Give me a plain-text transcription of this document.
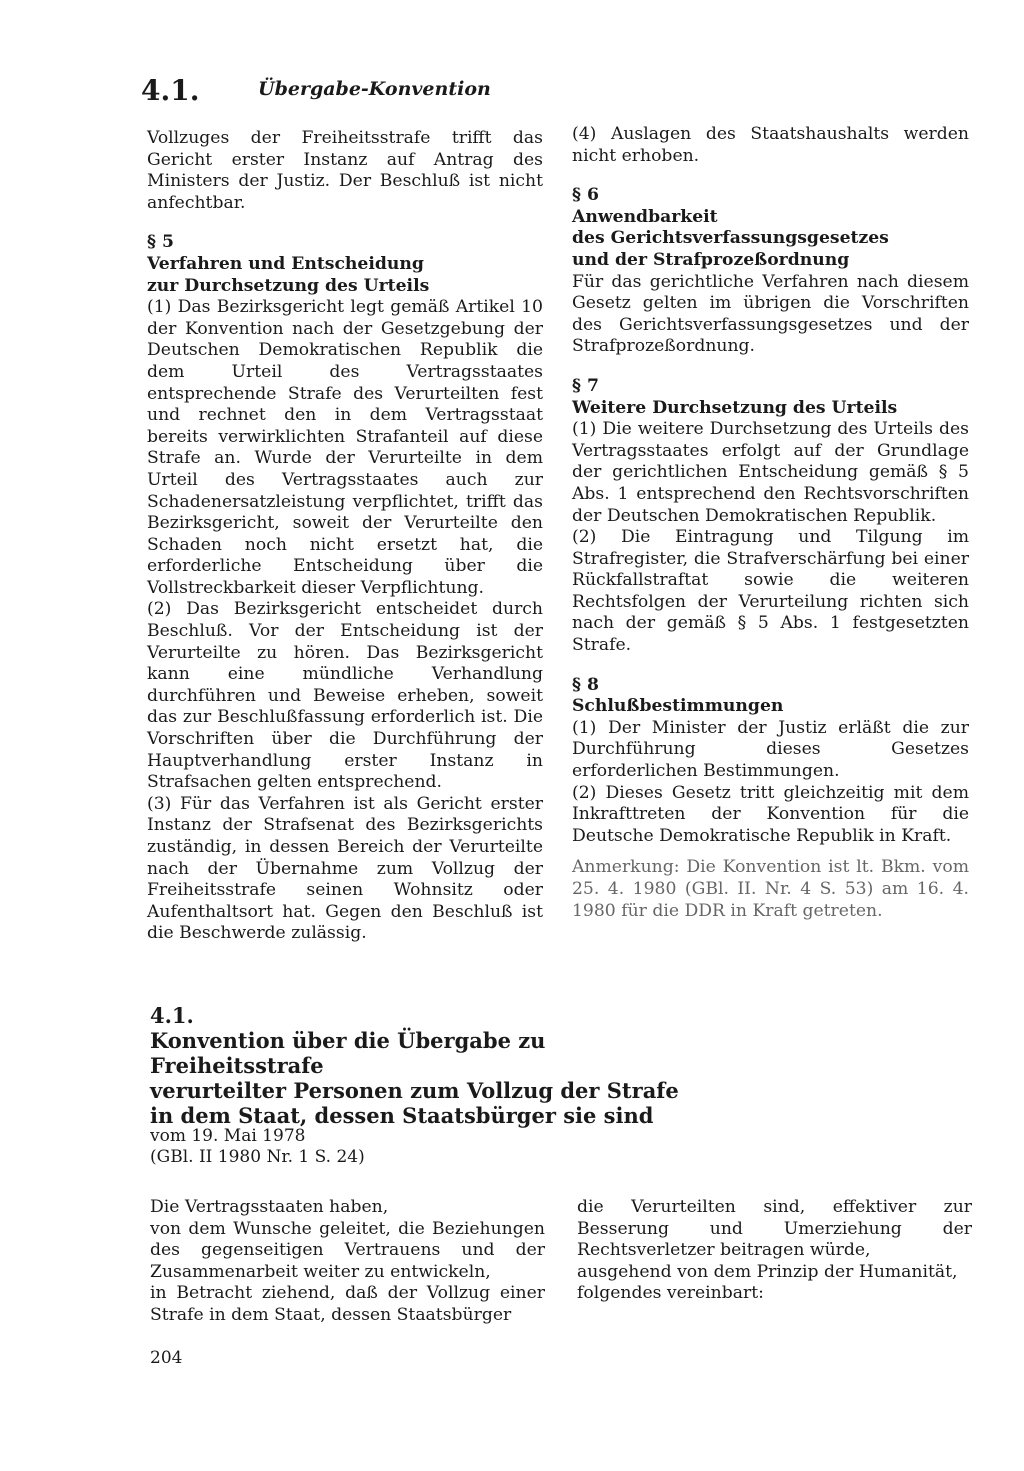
4.1.	Übergabe-Konvention

Vollzuges der Freiheitsstrafe trifft das Gericht erster Instanz auf Antrag des Ministers der Justiz. Der Beschluß ist nicht anfechtbar.

§ 5

Verfahren und Entscheidung

zur Durchsetzung des Urteils

(1) Das Bezirksgericht legt gemäß Artikel 10 der Konvention nach der Gesetzgebung der Deutschen Demokratischen Republik die dem Urteil des Vertragsstaates entsprechende Strafe des Verurteilten fest und rechnet den in dem Vertragsstaat bereits verwirklichten Strafanteil auf diese Strafe an. Wurde der Verurteilte in dem Urteil des Vertragsstaates auch zur Schadenersatzleistung verpflichtet, trifft das Bezirksgericht, soweit der Verurteilte den Schaden noch nicht ersetzt hat, die erforderliche Entscheidung über die Vollstreckbarkeit dieser Verpflichtung.

(2) Das Bezirksgericht entscheidet durch Beschluß. Vor der Entscheidung ist der Verurteilte zu hören. Das Bezirksgericht kann eine mündliche Verhandlung durchführen und Beweise erheben, soweit das zur Beschlußfassung erforderlich ist. Die Vorschriften über die Durchführung der Hauptverhandlung erster Instanz in Strafsachen gelten entsprechend.

(3) Für das Verfahren ist als Gericht erster Instanz der Strafsenat des Bezirksgerichts zuständig, in dessen Bereich der Verurteilte nach der Übernahme zum Vollzug der Freiheitsstrafe seinen Wohnsitz oder Aufenthaltsort hat. Gegen den Beschluß ist die Beschwerde zulässig.

(4) Auslagen des Staatshaushalts werden nicht erhoben.

§ 6

Anwendbarkeit

des Gerichtsverfassungsgesetzes

und der Strafprozeßordnung

Für das gerichtliche Verfahren nach diesem Gesetz gelten im übrigen die Vorschriften des Gerichtsverfassungsgesetzes und der Strafprozeßordnung.

§ 7

Weitere Durchsetzung des Urteils

(1) Die weitere Durchsetzung des Urteils des Vertragsstaates erfolgt auf der Grundlage der gerichtlichen Entscheidung gemäß § 5 Abs. 1 entsprechend den Rechtsvorschriften der Deutschen Demokratischen Republik.

(2) Die Eintragung und Tilgung im Strafregister, die Strafverschärfung bei einer Rückfallstraftat sowie die weiteren Rechtsfolgen der Verurteilung richten sich nach der gemäß § 5 Abs. 1 festgesetzten Strafe.

§ 8

Schlußbestimmungen

(1) Der Minister der Justiz erläßt die zur Durchführung dieses Gesetzes erforderlichen Bestimmungen.

(2) Dieses Gesetz tritt gleichzeitig mit dem Inkrafttreten der Konvention für die Deutsche Demokratische Republik in Kraft.

Anmerkung: Die Konvention ist lt. Bkm. vom 25. 4. 1980 (GBl. II. Nr. 4 S. 53) am 16. 4. 1980 für die DDR in Kraft getreten.

4.1.
Konvention über die Übergabe zu Freiheitsstrafe
verurteilter Personen zum Vollzug der Strafe
in dem Staat, dessen Staatsbürger sie sind
vom 19. Mai 1978
(GBl. II 1980 Nr. 1 S. 24)

Die Vertragsstaaten haben,

von dem Wunsche geleitet, die Beziehungen des gegenseitigen Vertrauens und der Zusammenarbeit weiter zu entwickeln,

in Betracht ziehend, daß der Vollzug einer Strafe in dem Staat, dessen Staatsbürger

die Verurteilten sind, effektiver zur Besserung und Umerziehung der Rechtsverletzer beitragen würde,

ausgehend von dem Prinzip der Humanität, folgendes vereinbart:

204
